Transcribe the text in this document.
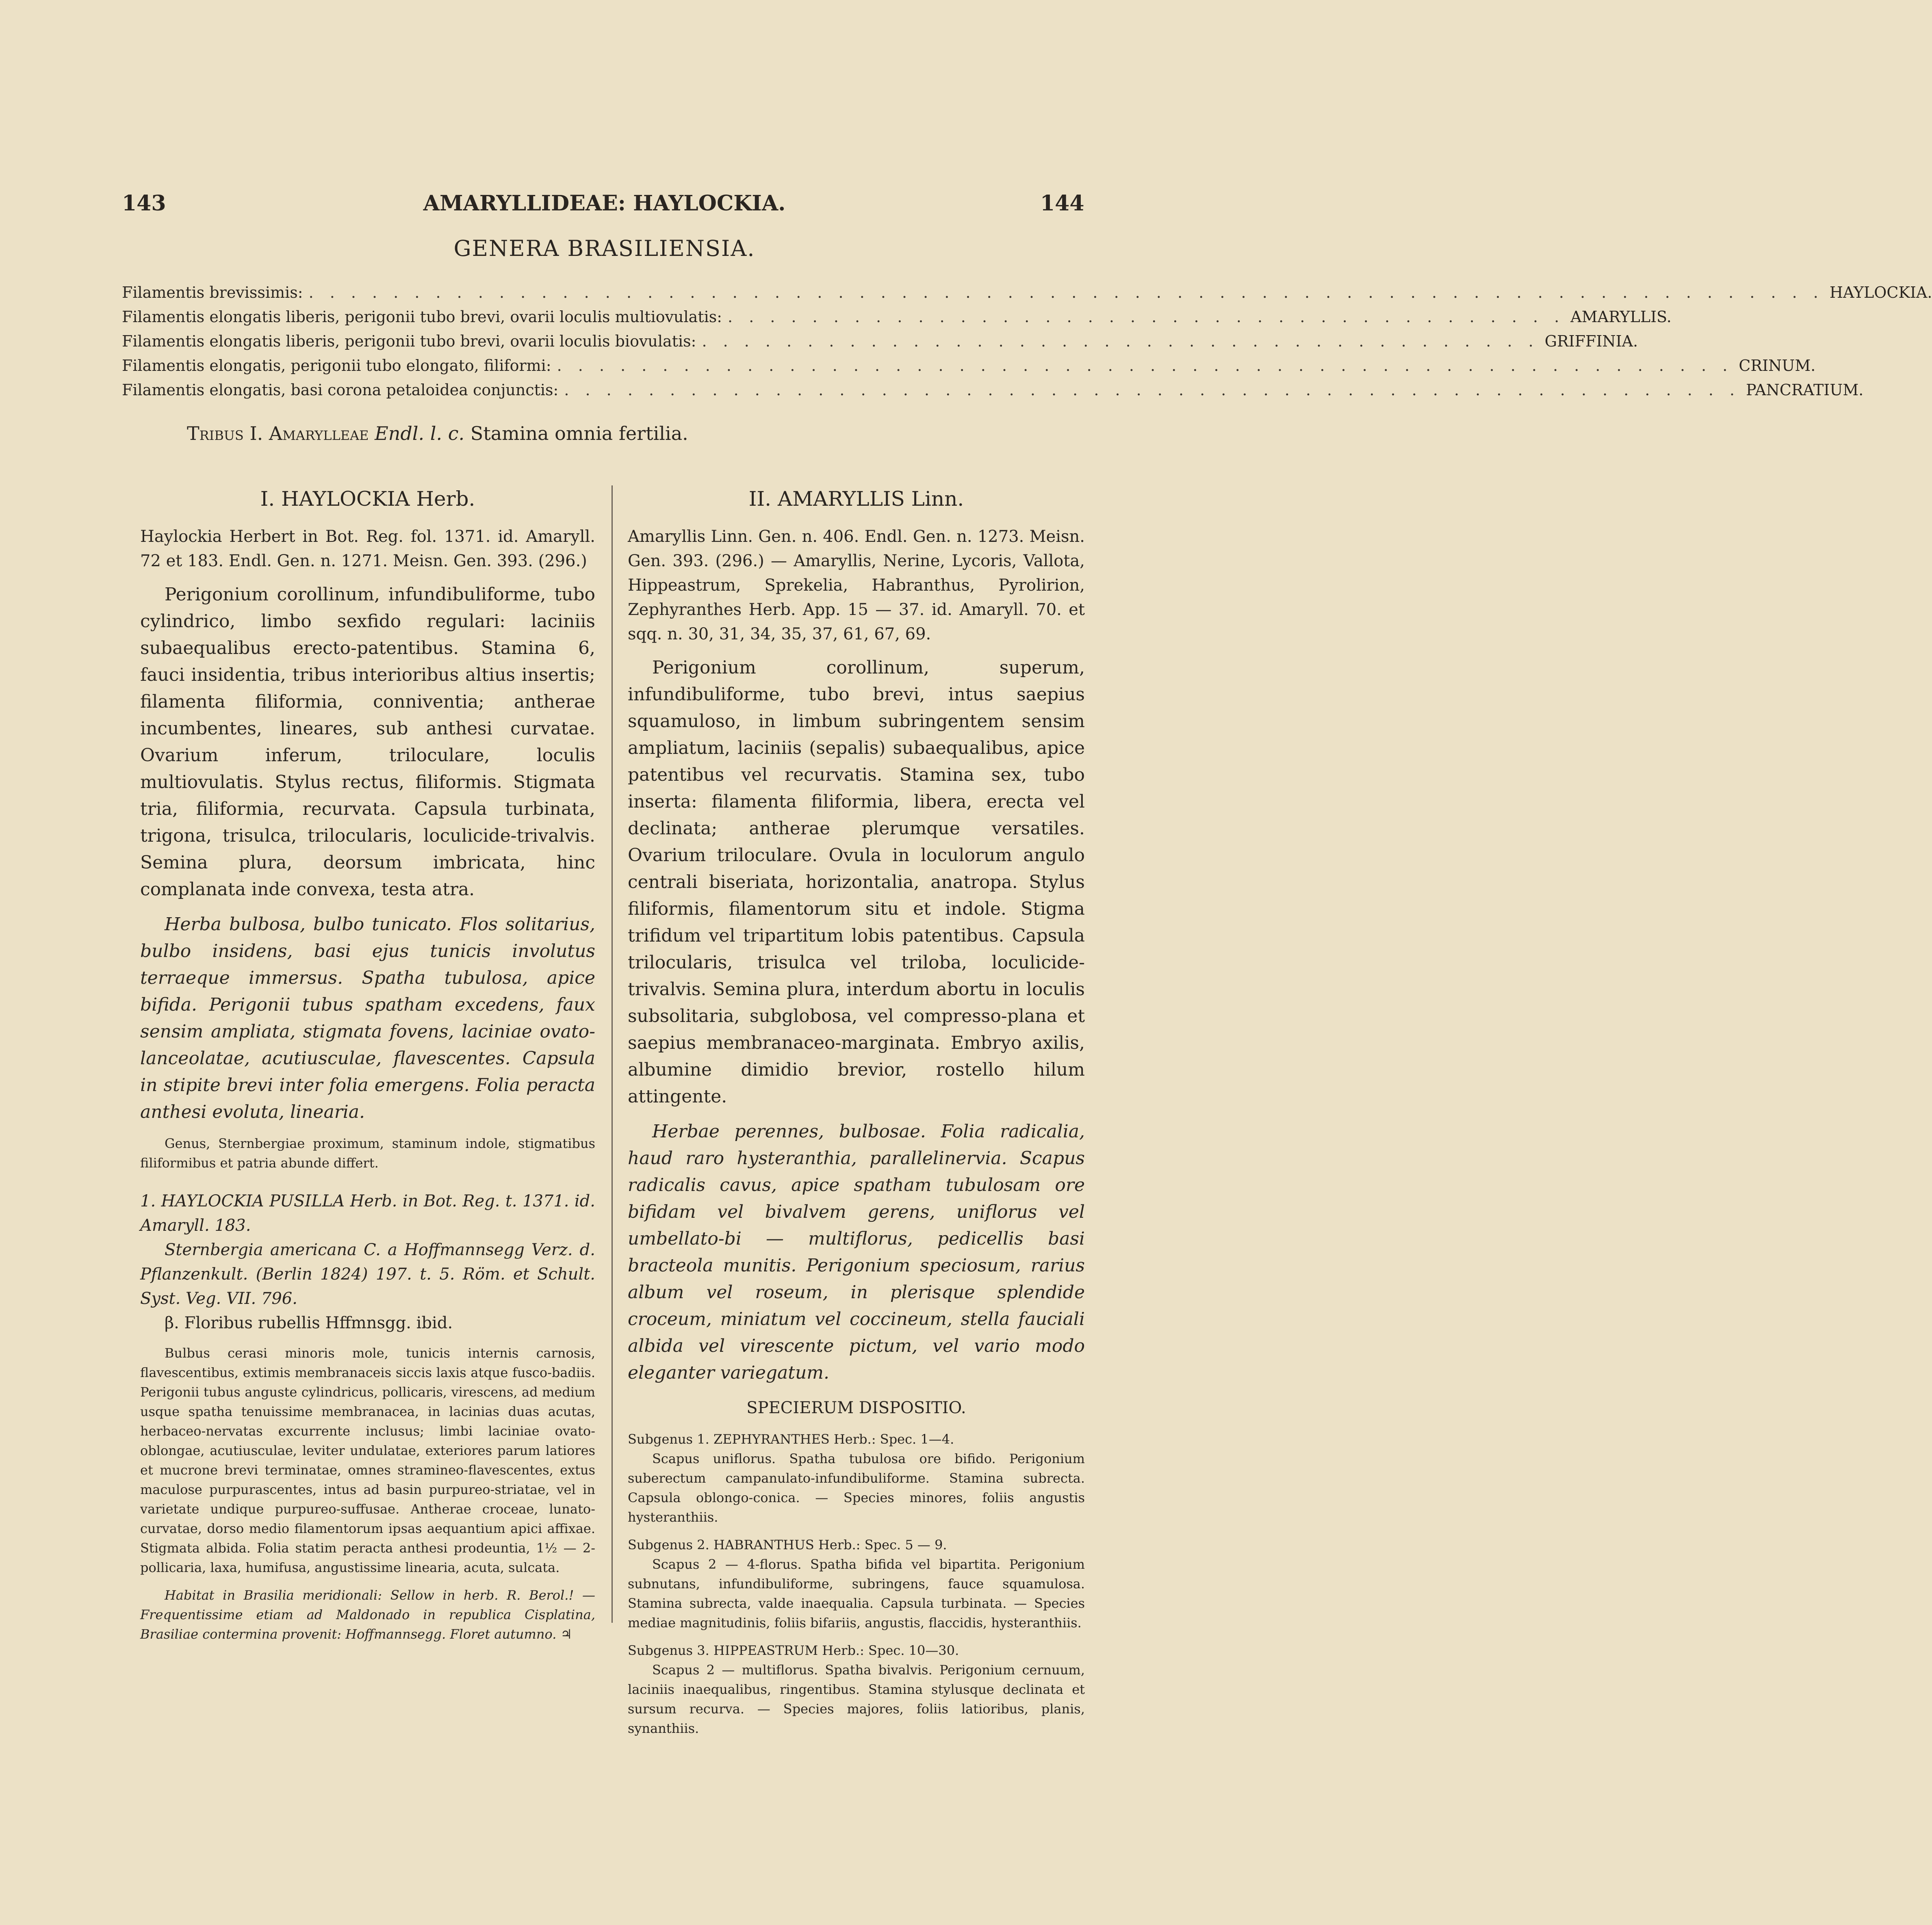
143	AMARYLLIDEAE: HAYLOCKIA.	144
GENERA BRASILIENSIA.
Filamentis brevissimis: . . . . . . . . . . . . . . . . . . . . . . . . . . . . . . . . . . . . . . . . . . . . . . . . . . . . . . . . . . . . . . . . . . . . . . . . HAYLOCKIA.
Filamentis elongatis liberis, perigonii tubo brevi, ovarii loculis multiovulatis: . . . . . . . . . . . . . . . . . . . . . . . . . . . . . . . . . . . . . . . . AMARYLLIS.
Filamentis elongatis liberis, perigonii tubo brevi, ovarii loculis biovulatis: . . . . . . . . . . . . . . . . . . . . . . . . . . . . . . . . . . . . . . . . GRIFFINIA.
Filamentis elongatis, perigonii tubo elongato, filiformi: . . . . . . . . . . . . . . . . . . . . . . . . . . . . . . . . . . . . . . . . . . . . . . . . . . . . . . . . CRINUM.
Filamentis elongatis, basi corona petaloidea conjunctis: . . . . . . . . . . . . . . . . . . . . . . . . . . . . . . . . . . . . . . . . . . . . . . . . . . . . . . . . PANCRATIUM.
Tribus I. Amarylleae Endl. l. c. Stamina omnia fertilia.

I. HAYLOCKIA Herb.

Haylockia Herbert in Bot. Reg. fol. 1371. id. Amaryll. 72 et 183. Endl. Gen. n. 1271. Meisn. Gen. 393. (296.)

Perigonium corollinum, infundibuliforme, tubo cylindrico, limbo sexfido regulari: laciniis subaequalibus erecto-patentibus. Stamina 6, fauci insidentia, tribus interioribus altius insertis; filamenta filiformia, conniventia; antherae incumbentes, lineares, sub anthesi curvatae. Ovarium inferum, triloculare, loculis multiovulatis. Stylus rectus, filiformis. Stigmata tria, filiformia, recurvata. Capsula turbinata, trigona, trisulca, trilocularis, loculicide-trivalvis. Semina plura, deorsum imbricata, hinc complanata inde convexa, testa atra.

Herba bulbosa, bulbo tunicato. Flos solitarius, bulbo insidens, basi ejus tunicis involutus terraeque immersus. Spatha tubulosa, apice bifida. Perigonii tubus spatham excedens, faux sensim ampliata, stigmata fovens, laciniae ovato-lanceolatae, acutiusculae, flavescentes. Capsula in stipite brevi inter folia emergens. Folia peracta anthesi evoluta, linearia.

Genus, Sternbergiae proximum, staminum indole, stigmatibus filiformibus et patria abunde differt.

1. HAYLOCKIA PUSILLA Herb. in Bot. Reg. t. 1371. id. Amaryll. 183.

Sternbergia americana C. a Hoffmannsegg Verz. d. Pflanzenkult. (Berlin 1824) 197. t. 5. Röm. et Schult. Syst. Veg. VII. 796.

β. Floribus rubellis Hffmnsgg. ibid.

Bulbus cerasi minoris mole, tunicis internis carnosis, flavescentibus, extimis membranaceis siccis laxis atque fusco-badiis. Perigonii tubus anguste cylindricus, pollicaris, virescens, ad medium usque spatha tenuissime membranacea, in lacinias duas acutas, herbaceo-nervatas excurrente inclusus; limbi laciniae ovato-oblongae, acutiusculae, leviter undulatae, exteriores parum latiores et mucrone brevi terminatae, omnes stramineo-flavescentes, extus maculose purpurascentes, intus ad basin purpureo-striatae, vel in varietate undique purpureo-suffusae. Antherae croceae, lunato-curvatae, dorso medio filamentorum ipsas aequantium apici affixae. Stigmata albida. Folia statim peracta anthesi prodeuntia, 1½ — 2-pollicaria, laxa, humifusa, angustissime linearia, acuta, sulcata.

Habitat in Brasilia meridionali: Sellow in herb. R. Berol.! — Frequentissime etiam ad Maldonado in republica Cisplatina, Brasiliae contermina provenit: Hoffmannsegg. Floret autumno. ♃

II. AMARYLLIS Linn.

Amaryllis Linn. Gen. n. 406. Endl. Gen. n. 1273. Meisn. Gen. 393. (296.) — Amaryllis, Nerine, Lycoris, Vallota, Hippeastrum, Sprekelia, Habranthus, Pyrolirion, Zephyranthes Herb. App. 15 — 37. id. Amaryll. 70. et sqq. n. 30, 31, 34, 35, 37, 61, 67, 69.

Perigonium corollinum, superum, infundibuliforme, tubo brevi, intus saepius squamuloso, in limbum subringentem sensim ampliatum, laciniis (sepalis) subaequalibus, apice patentibus vel recurvatis. Stamina sex, tubo inserta: filamenta filiformia, libera, erecta vel declinata; antherae plerumque versatiles. Ovarium triloculare. Ovula in loculorum angulo centrali biseriata, horizontalia, anatropa. Stylus filiformis, filamentorum situ et indole. Stigma trifidum vel tripartitum lobis patentibus. Capsula trilocularis, trisulca vel triloba, loculicide-trivalvis. Semina plura, interdum abortu in loculis subsolitaria, subglobosa, vel compresso-plana et saepius membranaceo-marginata. Embryo axilis, albumine dimidio brevior, rostello hilum attingente.

Herbae perennes, bulbosae. Folia radicalia, haud raro hysteranthia, parallelinervia. Scapus radicalis cavus, apice spatham tubulosam ore bifidam vel bivalvem gerens, uniflorus vel umbellato-bi — multiflorus, pedicellis basi bracteola munitis. Perigonium speciosum, rarius album vel roseum, in plerisque splendide croceum, miniatum vel coccineum, stella fauciali albida vel virescente pictum, vel vario modo eleganter variegatum.

SPECIERUM DISPOSITIO.

Subgenus 1. ZEPHYRANTHES Herb.: Spec. 1—4.

Scapus uniflorus. Spatha tubulosa ore bifido. Perigonium suberectum campanulato-infundibuliforme. Stamina subrecta. Capsula oblongo-conica. — Species minores, foliis angustis hysteranthiis.

Subgenus 2. HABRANTHUS Herb.: Spec. 5 — 9.

Scapus 2 — 4-florus. Spatha bifida vel bipartita. Perigonium subnutans, infundibuliforme, subringens, fauce squamulosa. Stamina subrecta, valde inaequalia. Capsula turbinata. — Species mediae magnitudinis, foliis bifariis, angustis, flaccidis, hysteranthiis.

Subgenus 3. HIPPEASTRUM Herb.: Spec. 10—30.

Scapus 2 — multiflorus. Spatha bivalvis. Perigonium cernuum, laciniis inaequalibus, ringentibus. Stamina stylusque declinata et sursum recurva. — Species majores, foliis latioribus, planis, synanthiis.
